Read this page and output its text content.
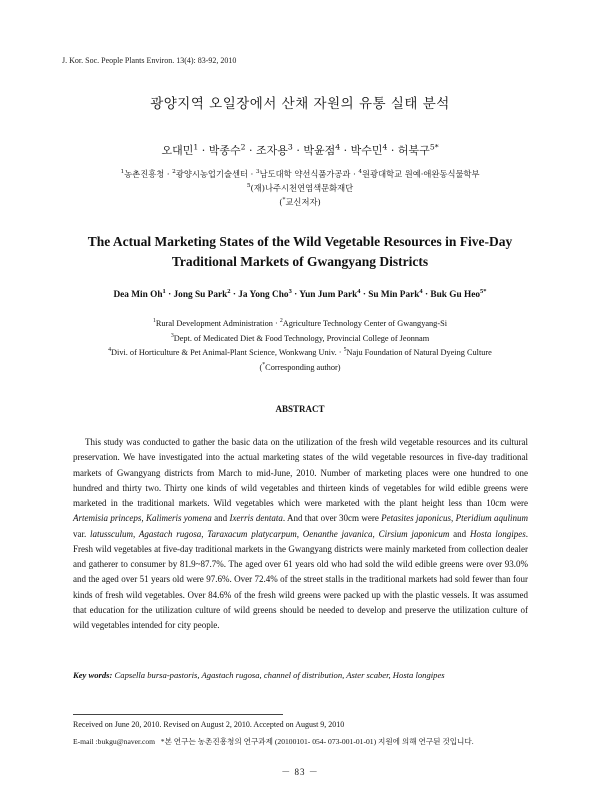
J. Kor. Soc. People Plants Environ. 13(4): 83-92, 2010
광양지역 오일장에서 산채 자원의 유통 실태 분석
오대민$^1$ · 박종수$^2$ · 조자용$^3$ · 박윤점$^4$ · 박수민$^4$ · 허북구$^{5*}$
$^1$농촌진흥청 · $^2$광양시농업기술센터 · $^3$남도대학 약선식품가공과 · $^4$원광대학교 원예·애완동식물학부
$^5$(재)나주시천연염색문화재단
(*교신저자)
The Actual Marketing States of the Wild Vegetable Resources in Five-Day
Traditional Markets of Gwangyang Districts
Dea Min $Oh^1$ · Jong Su Park$^2$ · Ja Yong Cho$^3$ · Yun Jum Park$^4$ · Su Min Park$^4$ · Buk Gu Heo$^{5*}$
$^1$Rural Development Administration · $^2$Agriculture Technology Center of Gwangyang-Si
$^3$Dept. of Medicated Diet & Food Technology, Provincial College of Jeonnam
$^4$Divi. of Horticulture & Pet Animal-Plant Science, Wonkwang Univ. · $^5$Naju Foundation of Natural Dyeing Culture
(*Corresponding author)
ABSTRACT

This study was conducted to gather the basic data on the utilization of the fresh wild vegetable resources and its cultural preservation. We have investigated into the actual marketing states of the wild vegetable resources in five-day traditional markets of Gwangyang districts from March to mid-June, 2010. Number of marketing places were one hundred to one hundred and thirty two. Thirty one kinds of wild vegetables and thirteen kinds of vegetables for wild edible greens were marketed in the traditional markets. Wild vegetables which were marketed with the plant height less than 10cm were Artemisia princeps, Kalimeris yomena and Ixerris dentata. And that over 30cm were Petasites japonicus, Pteridium aqulinum var. latussculum, Agastach rugosa, Taraxacum platycarpum, Oenanthe javanica, Cirsium japonicum and Hosta longipes. Fresh wild vegetables at five-day traditional markets in the Gwangyang districts were mainly marketed from collection dealer and gatherer to consumer by 81.9~87.7%. The aged over 61 years old who had sold the wild edible greens were over 93.0% and the aged over 51 years old were 97.6%. Over 72.4% of the street stalls in the traditional markets had sold fewer than four kinds of fresh wild vegetables. Over 84.6% of the fresh wild greens were packed up with the plastic vessels. It was assumed that education for the utilization culture of wild greens should be needed to develop and preserve the utilization culture of wild vegetables intended for city people.

Key words: Capsella bursa-pastoris, Agastach rugosa, channel of distribution, Aster scaber, Hosta longipes
Received on June 20, 2010. Revised on August 2, 2010. Accepted on August 9, 2010
E-mail :bukgu@naver.com *본 연구는 농촌진흥청의 연구과제 (20100101- 054- 073-001-01-01) 지원에 의해 연구된 것입니다.
－ 83 －
